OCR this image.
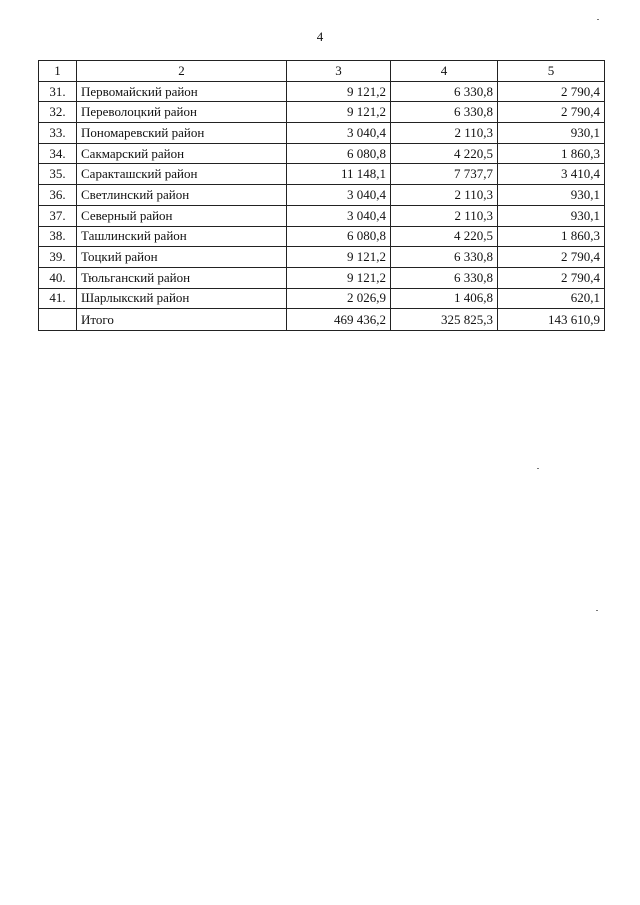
4
1	2	3	4	5
31.	Первомайский район	9 121,2	6 330,8	2 790,4
32.	Переволоцкий район	9 121,2	6 330,8	2 790,4
33.	Пономаревский район	3 040,4	2 110,3	930,1
34.	Сакмарский район	6 080,8	4 220,5	1 860,3
35.	Саракташский район	11 148,1	7 737,7	3 410,4
36.	Светлинский район	3 040,4	2 110,3	930,1
37.	Северный район	3 040,4	2 110,3	930,1
38.	Ташлинский район	6 080,8	4 220,5	1 860,3
39.	Тоцкий район	9 121,2	6 330,8	2 790,4
40.	Тюльганский район	9 121,2	6 330,8	2 790,4
41.	Шарлыкский район	2 026,9	1 406,8	620,1
	Итого	469 436,2	325 825,3	143 610,9
